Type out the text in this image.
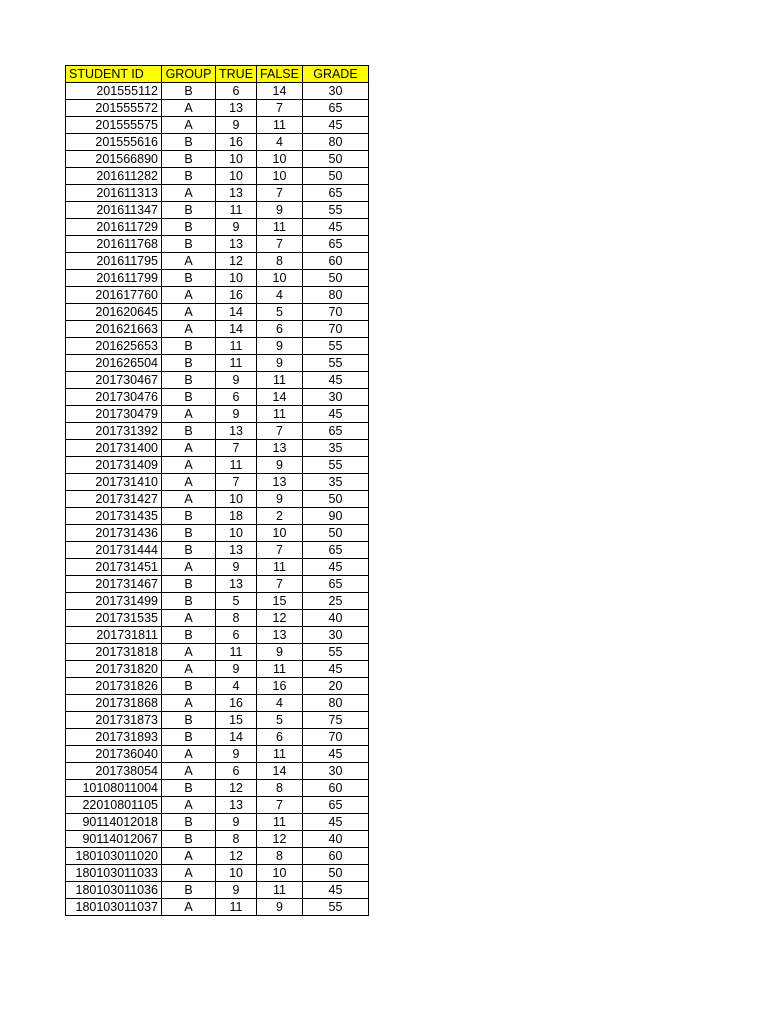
STUDENT ID	GROUP	TRUE	FALSE	GRADE
201555112	B	6	14	30
201555572	A	13	7	65
201555575	A	9	11	45
201555616	B	16	4	80
201566890	B	10	10	50
201611282	B	10	10	50
201611313	A	13	7	65
201611347	B	11	9	55
201611729	B	9	11	45
201611768	B	13	7	65
201611795	A	12	8	60
201611799	B	10	10	50
201617760	A	16	4	80
201620645	A	14	5	70
201621663	A	14	6	70
201625653	B	11	9	55
201626504	B	11	9	55
201730467	B	9	11	45
201730476	B	6	14	30
201730479	A	9	11	45
201731392	B	13	7	65
201731400	A	7	13	35
201731409	A	11	9	55
201731410	A	7	13	35
201731427	A	10	9	50
201731435	B	18	2	90
201731436	B	10	10	50
201731444	B	13	7	65
201731451	A	9	11	45
201731467	B	13	7	65
201731499	B	5	15	25
201731535	A	8	12	40
201731811	B	6	13	30
201731818	A	11	9	55
201731820	A	9	11	45
201731826	B	4	16	20
201731868	A	16	4	80
201731873	B	15	5	75
201731893	B	14	6	70
201736040	A	9	11	45
201738054	A	6	14	30
10108011004	B	12	8	60
22010801105	A	13	7	65
90114012018	B	9	11	45
90114012067	B	8	12	40
180103011020	A	12	8	60
180103011033	A	10	10	50
180103011036	B	9	11	45
180103011037	A	11	9	55
